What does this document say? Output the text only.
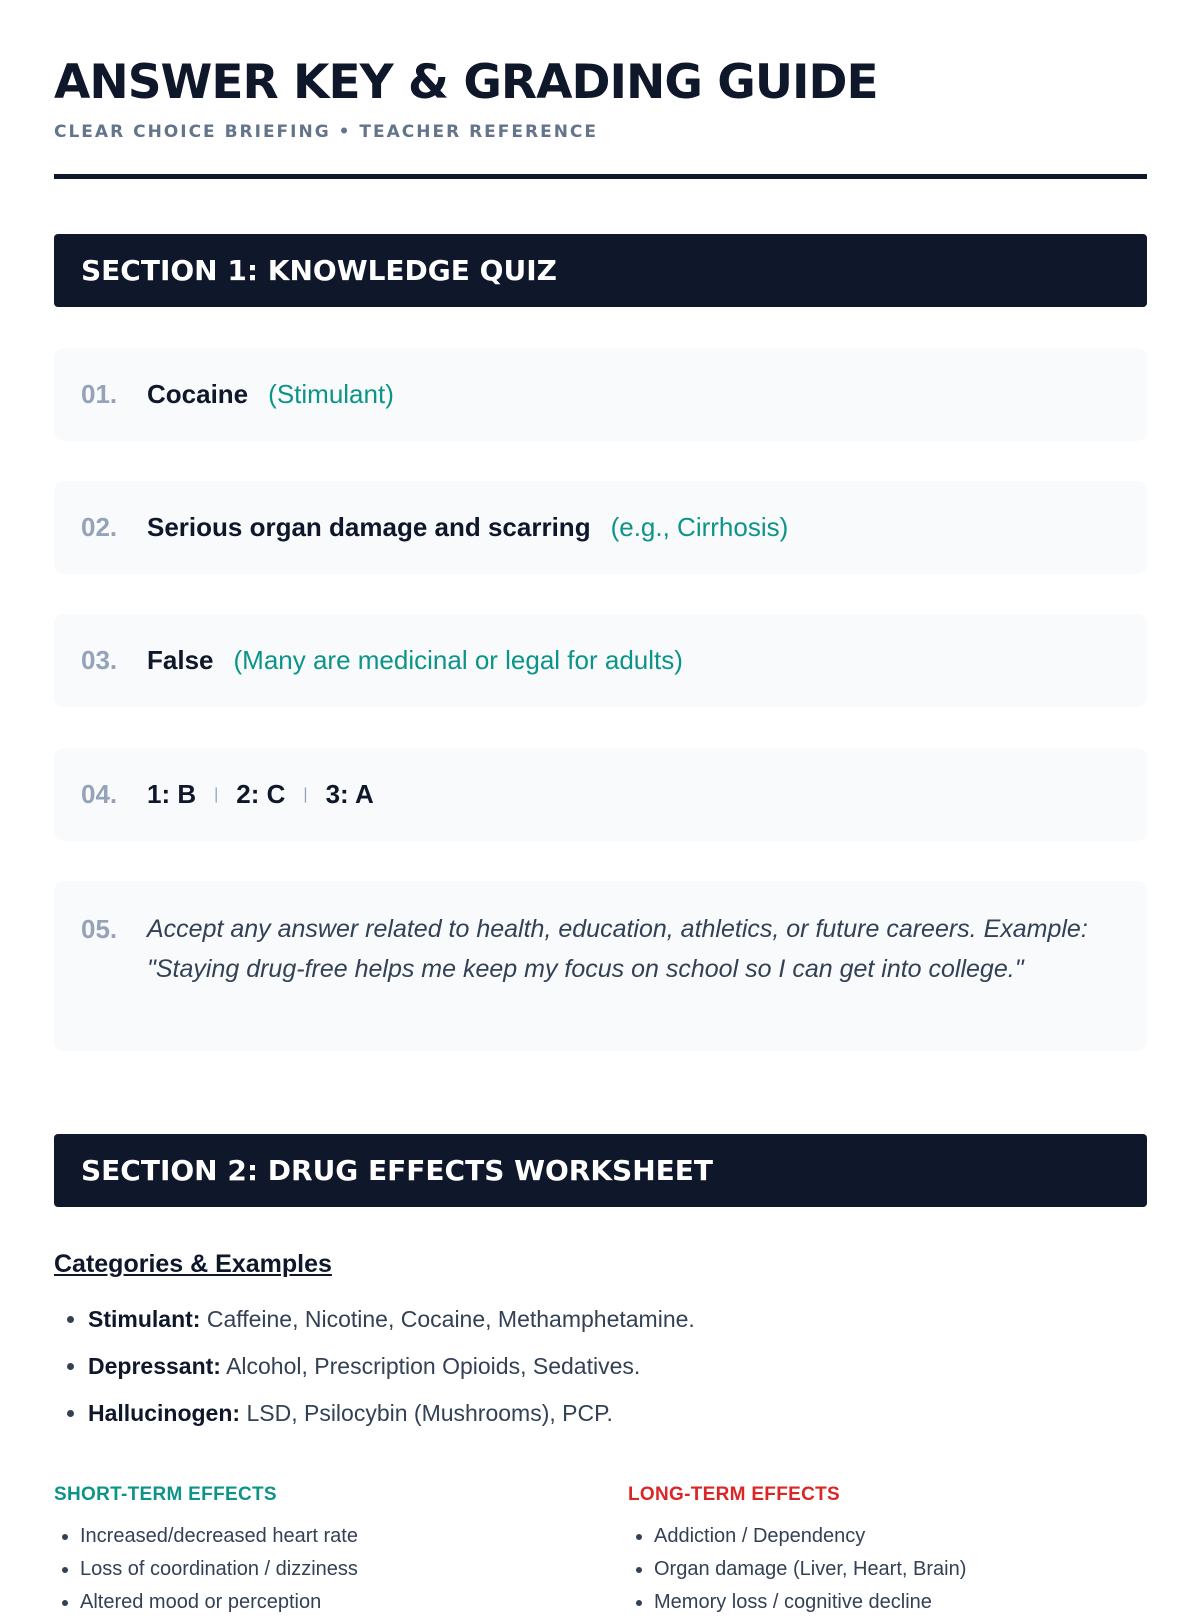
ANSWER KEY & GRADING GUIDE
CLEAR CHOICE BRIEFING • TEACHER REFERENCE
SECTION 1: KNOWLEDGE QUIZ
01.	Cocaine (Stimulant)
02.	Serious organ damage and scarring (e.g., Cirrhosis)
03.	False (Many are medicinal or legal for adults)
04.	1: B | 2: C | 3: A
05.	Accept any answer related to health, education, athletics, or future careers. Example: "Staying drug-free helps me keep my focus on school so I can get into college."
SECTION 2: DRUG EFFECTS WORKSHEET
Categories & Examples
• Stimulant: Caffeine, Nicotine, Cocaine, Methamphetamine.
• Depressant: Alcohol, Prescription Opioids, Sedatives.
• Hallucinogen: LSD, Psilocybin (Mushrooms), PCP.
SHORT-TERM EFFECTS
• Increased/decreased heart rate
• Loss of coordination / dizziness
• Altered mood or perception
LONG-TERM EFFECTS
• Addiction / Dependency
• Organ damage (Liver, Heart, Brain)
• Memory loss / cognitive decline
